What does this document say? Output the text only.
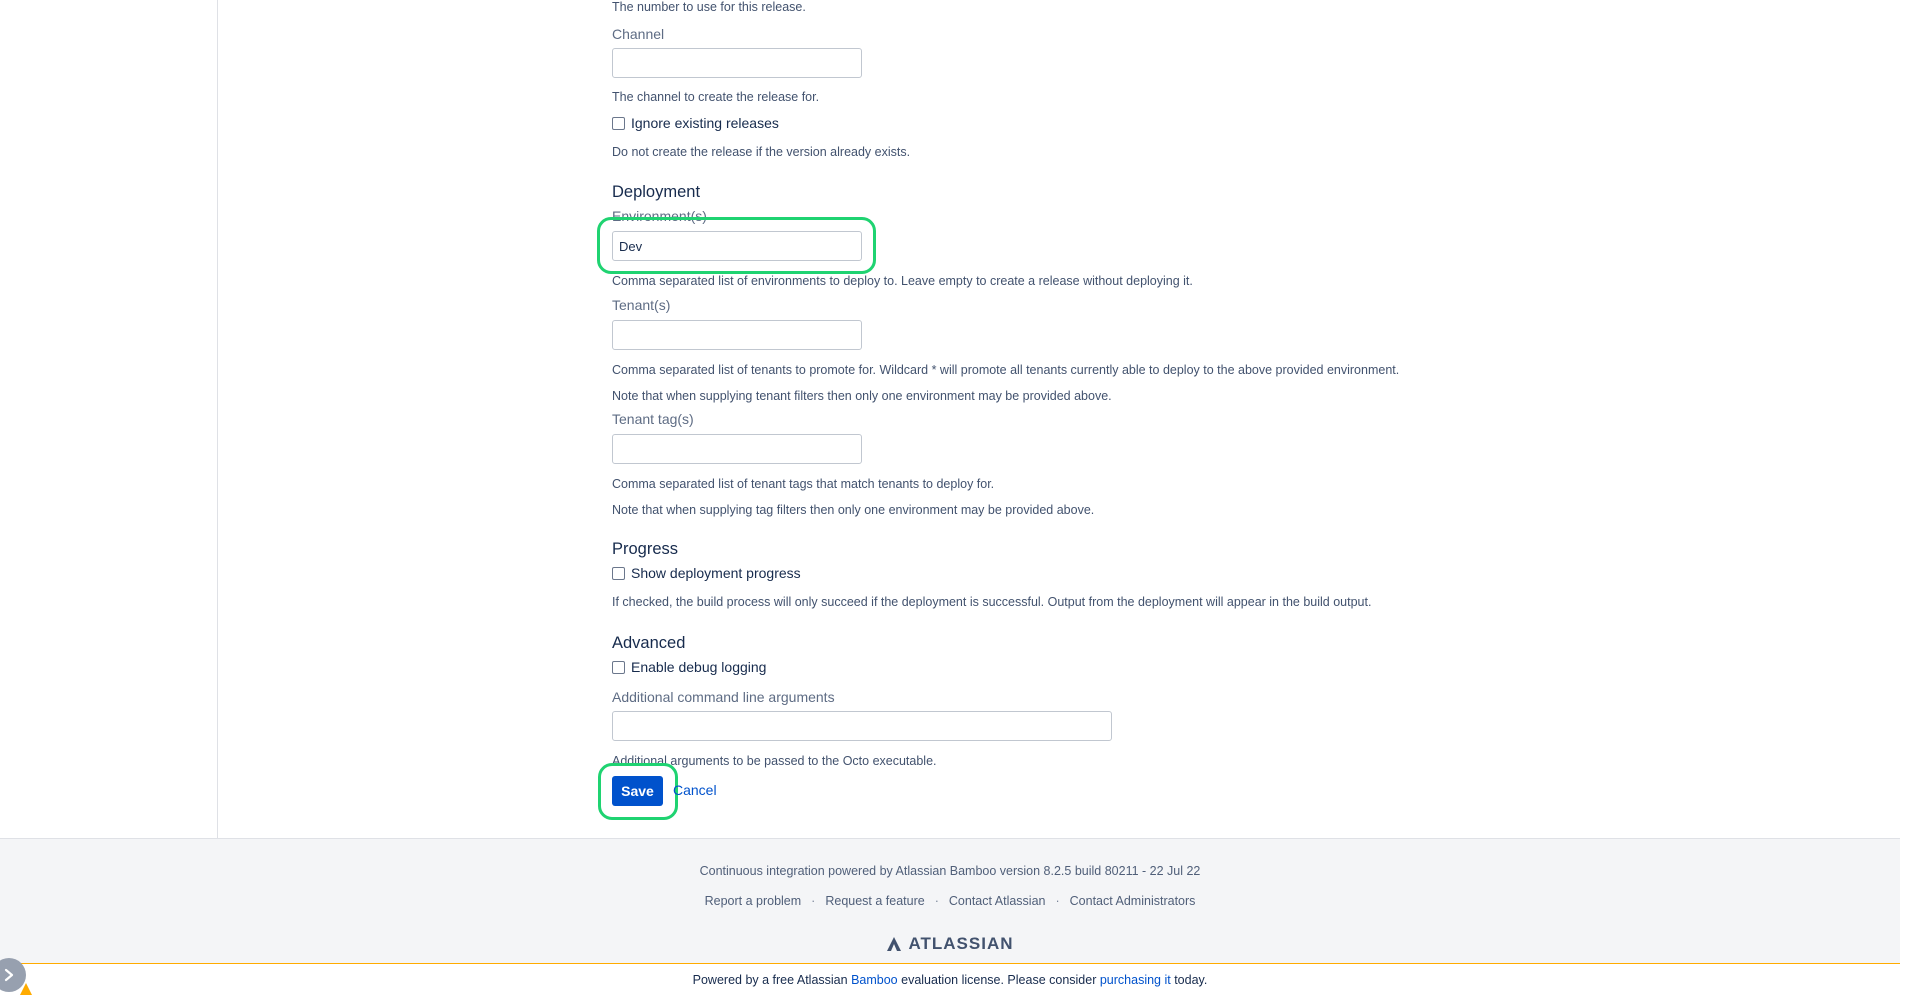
The number to use for this release.
Channel
The channel to create the release for.
Ignore existing releases
Do not create the release if the version already exists.
Deployment
Environment(s)
Dev
Comma separated list of environments to deploy to. Leave empty to create a release without deploying it.
Tenant(s)
Comma separated list of tenants to promote for. Wildcard * will promote all tenants currently able to deploy to the above provided environment.
Note that when supplying tenant filters then only one environment may be provided above.
Tenant tag(s)
Comma separated list of tenant tags that match tenants to deploy for.
Note that when supplying tag filters then only one environment may be provided above.
Progress
Show deployment progress
If checked, the build process will only succeed if the deployment is successful. Output from the deployment will appear in the build output.
Advanced
Enable debug logging
Additional command line arguments
Additional arguments to be passed to the Octo executable.
Save	Cancel
Continuous integration powered by Atlassian Bamboo version 8.2.5 build 80211 - 22 Jul 22
Report a problem · Request a feature · Contact Atlassian · Contact Administrators
ATLASSIAN
Powered by a free Atlassian Bamboo evaluation license. Please consider purchasing it today.
